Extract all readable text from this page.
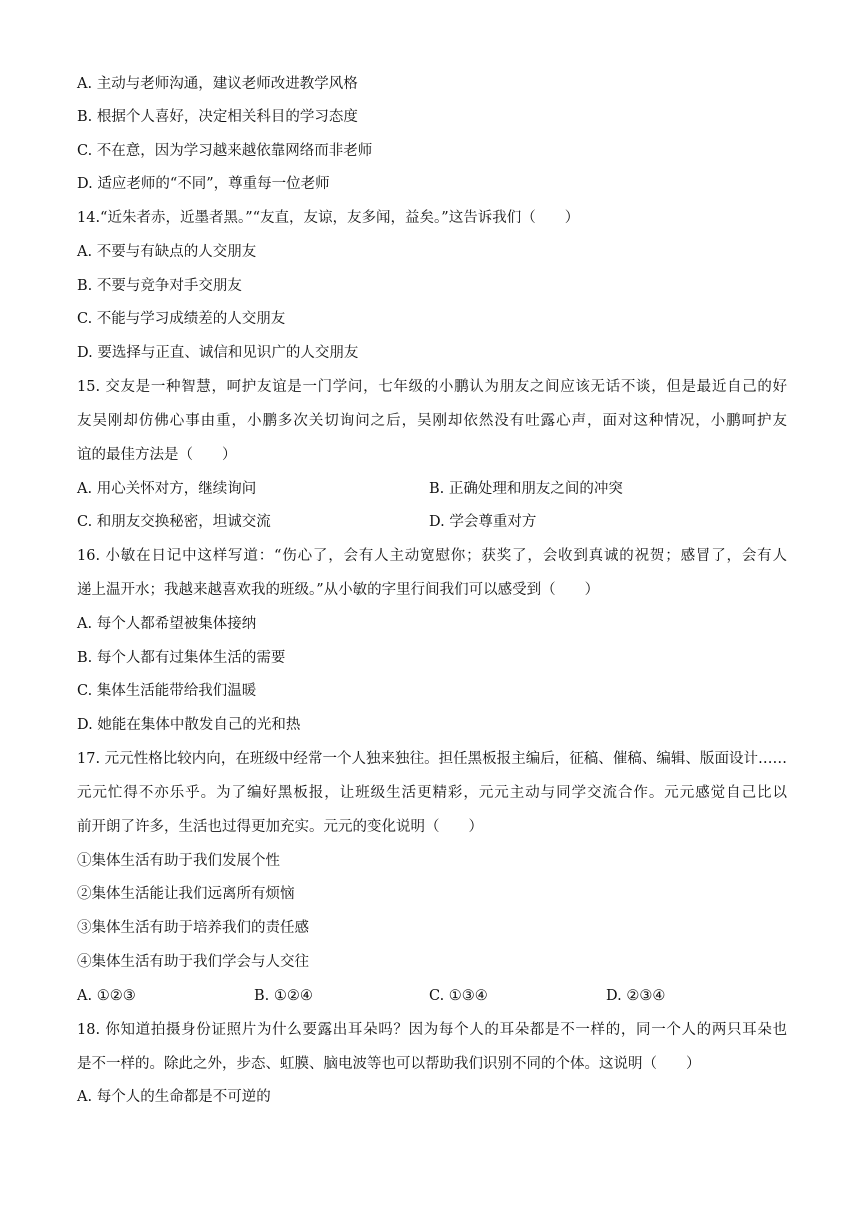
A. 主动与老师沟通，建议老师改进教学风格
B. 根据个人喜好，决定相关科目的学习态度
C. 不在意，因为学习越来越依靠网络而非老师
D. 适应老师的“不同”，尊重每一位老师
14.“近朱者赤，近墨者黑。”“友直，友谅，友多闻，益矣。”这告诉我们（　　）
A. 不要与有缺点的人交朋友
B. 不要与竞争对手交朋友
C. 不能与学习成绩差的人交朋友
D. 要选择与正直、诚信和见识广的人交朋友
15. 交友是一种智慧，呵护友谊是一门学问，七年级的小鹏认为朋友之间应该无话不谈，但是最近自己的好
友吴刚却仿佛心事由重，小鹏多次关切询问之后，吴刚却依然没有吐露心声，面对这种情况，小鹏呵护友
谊的最佳方法是（　　）
A. 用心关怀对方，继续询问	B. 正确处理和朋友之间的冲突
C. 和朋友交换秘密，坦诚交流	D. 学会尊重对方
16. 小敏在日记中这样写道：“伤心了，会有人主动宽慰你；获奖了，会收到真诚的祝贺；感冒了，会有人
递上温开水；我越来越喜欢我的班级。”从小敏的字里行间我们可以感受到（　　）
A. 每个人都希望被集体接纳
B. 每个人都有过集体生活的需要
C. 集体生活能带给我们温暖
D. 她能在集体中散发自己的光和热
17. 元元性格比较内向，在班级中经常一个人独来独往。担任黑板报主编后，征稿、催稿、编辑、版面设计……
元元忙得不亦乐乎。为了编好黑板报，让班级生活更精彩，元元主动与同学交流合作。元元感觉自己比以
前开朗了许多，生活也过得更加充实。元元的变化说明（　　）
①集体生活有助于我们发展个性
②集体生活能让我们远离所有烦恼
③集体生活有助于培养我们的责任感
④集体生活有助于我们学会与人交往
A. ①②③	B. ①②④	C. ①③④	D. ②③④
18. 你知道拍摄身份证照片为什么要露出耳朵吗？因为每个人的耳朵都是不一样的，同一个人的两只耳朵也
是不一样的。除此之外，步态、虹膜、脑电波等也可以帮助我们识别不同的个体。这说明（　　）
A. 每个人的生命都是不可逆的
